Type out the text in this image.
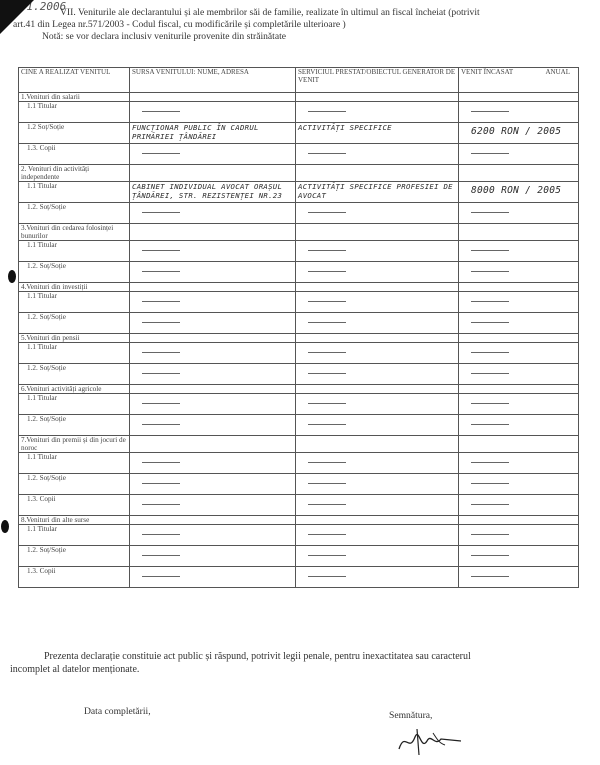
VII. Veniturile ale declarantului și ale membrilor săi de familie, realizate în ultimul an fiscal încheiat (potrivit
art.41 din Legea nr.571/2003 - Codul fiscal, cu modificările și completările ulterioare )
Notă: se vor declara inclusiv veniturile provenite din străinătate
CINE A REALIZAT VENITUL	SURSA VENITULUI: NUME, ADRESA	SERVICIUL PRESTAT/OBIECTUL GENERATOR DE VENIT	VENIT ÎNCASAT ANUAL

1.Venituri din salarii			

1.1 Titular			

1.2 Soț/Soție	FUNCȚIONAR PUBLIC ÎN CADRUL PRIMĂRIEI ȚÂNDĂREI	ACTIVITĂȚI SPECIFICE	6200 RON / 2005

1.3. Copii			

2. Venituri din activități independente			

1.1 Titular	CABINET INDIVIDUAL AVOCAT ORAȘUL ȚÂNDĂREI, STR. REZISTENȚEI NR.23	ACTIVITĂȚI SPECIFICE PROFESIEI DE AVOCAT	8000 RON / 2005

1.2. Soț/Soție			

3.Venituri din cedarea folosinței bunurilor			

1.1 Titular			

1.2. Soț/Soție			

4.Venituri din investiții			

1.1 Titular			

1.2. Soț/Soție			

5.Venituri din pensii			

1.1 Titular			

1.2. Soț/Soție			

6.Venituri activități agricole			

1.1 Titular			

1.2. Soț/Soție			

7.Venituri din premii și din jocuri de noroc			

1.1 Titular			

1.2. Soț/Soție			

1.3. Copii			

8.Venituri din alte surse			

1.1 Titular			

1.2. Soț/Soție			

1.3. Copii			

Prezenta declarație constituie act public și răspund, potrivit legii penale, pentru inexactitatea sau caracterul
incomplet al datelor menționate.
Data completării,
05.01.2006
Semnătura,
